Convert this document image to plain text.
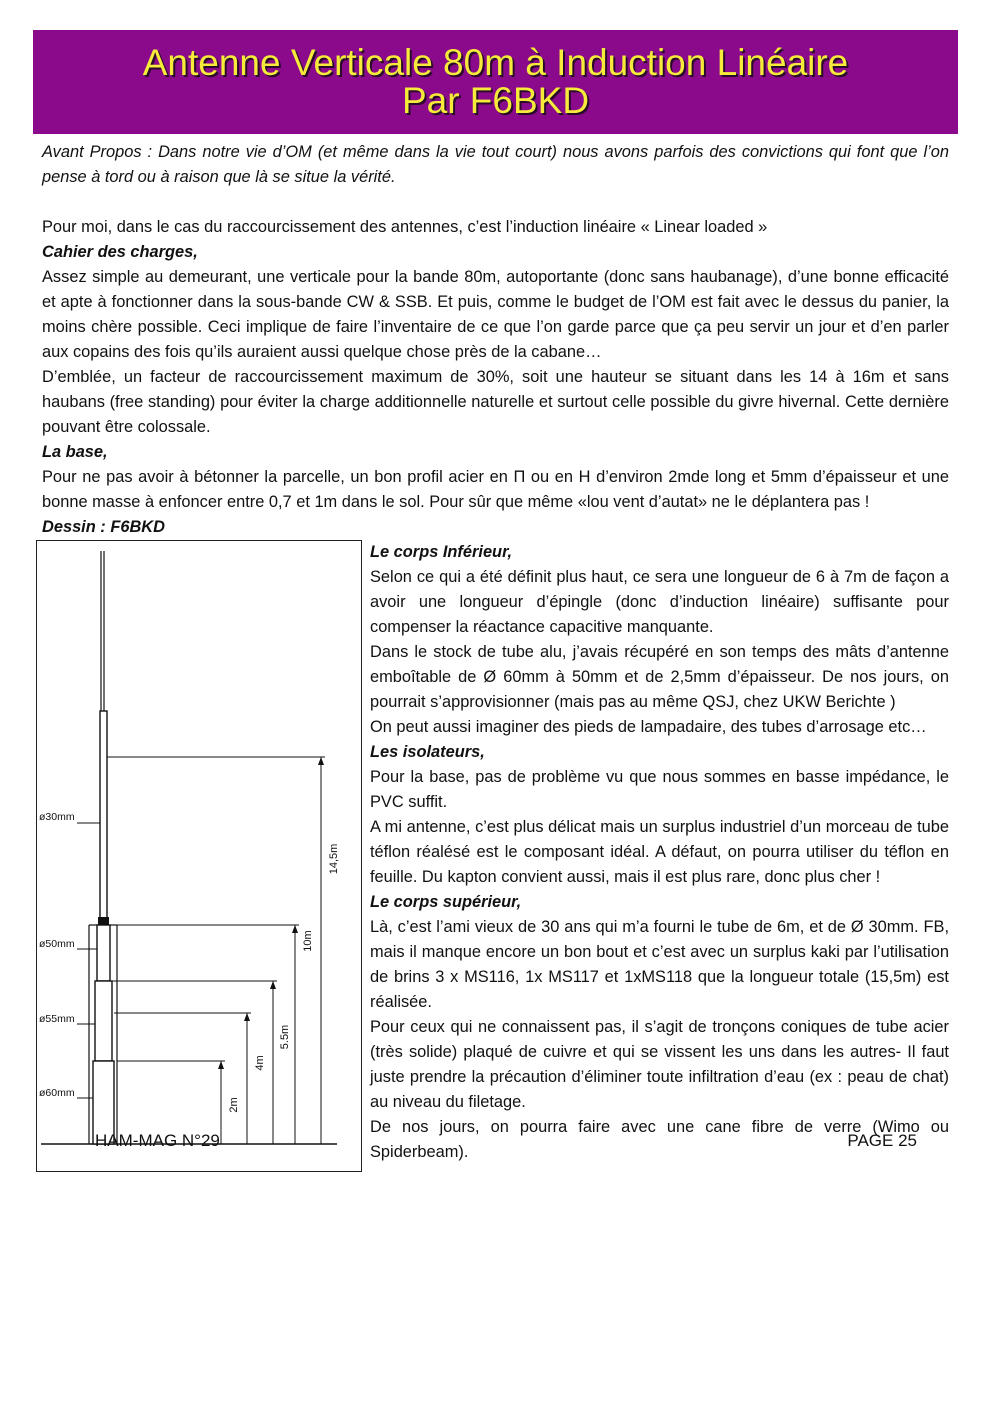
Antenne Verticale 80m à Induction Linéaire
Par F6BKD

Avant Propos : Dans notre vie d’OM (et même dans la vie tout court) nous avons parfois des convictions qui font que l’on pense à tord ou à raison que là se situe la vérité.

Pour moi, dans le cas du raccourcissement des antennes, c’est l’induction linéaire « Linear loaded »

Cahier des charges,

Assez simple au demeurant, une verticale pour la bande 80m, autoportante (donc sans haubanage), d’une bonne efficacité et apte à fonctionner dans la sous-bande CW & SSB. Et puis, comme le budget de l’OM est fait avec le dessus du panier, la moins chère possible. Ceci implique de faire l’inventaire de ce que l’on garde parce que ça peu servir un jour et d’en parler aux copains des fois qu’ils auraient aussi quelque chose près de la cabane…

D’emblée, un facteur de raccourcissement maximum de 30%, soit une hauteur se situant dans les 14 à 16m et sans haubans (free standing) pour éviter la charge additionnelle naturelle et surtout celle possible du givre hivernal. Cette dernière pouvant être colossale.

La base,

Pour ne pas avoir à bétonner la parcelle, un bon profil acier en Π ou en H d’environ 2mde long et 5mm d’épaisseur et une bonne masse à enfoncer entre 0,7 et 1m dans le sol. Pour sûr que même «lou vent d’autat» ne le déplantera pas !

Dessin : F6BKD

ø30mm
ø50mm
ø55mm
ø60mm
14,5m
10m
5.5m
4m
2m

Le corps Inférieur,

Selon ce qui a été définit plus haut, ce sera une longueur de 6 à 7m de façon a avoir une longueur d’épingle (donc d’induction linéaire) suffisante pour compenser la réactance capacitive manquante.

Dans le stock de tube alu, j’avais récupéré en son temps des mâts d’antenne emboîtable de Ø 60mm à 50mm et de 2,5mm d’épaisseur. De nos jours, on pourrait s’approvisionner (mais pas au même QSJ, chez UKW Berichte )

On peut aussi imaginer des pieds de lampadaire, des tubes d’arrosage etc…

Les isolateurs,

Pour la base, pas de problème vu que nous sommes en basse impédance, le PVC suffit.

A mi antenne, c’est plus délicat mais un surplus industriel d’un morceau de tube téflon réalésé est le composant idéal. A défaut, on pourra utiliser du téflon en feuille. Du kapton convient aussi, mais il est plus rare, donc plus cher !

Le corps supérieur,

Là, c’est l’ami vieux de 30 ans qui m’a fourni le tube de 6m, et de Ø 30mm. FB, mais il manque encore un bon bout et c’est avec un surplus kaki par l’utilisation de brins 3 x MS116, 1x MS117 et 1xMS118 que la longueur totale (15,5m) est réalisée.

Pour ceux qui ne connaissent pas, il s’agit de tronçons coniques de tube acier (très solide) plaqué de cuivre et qui se vissent les uns dans les autres- Il faut juste prendre la précaution d’éliminer toute infiltration d’eau (ex : peau de chat) au niveau du filetage.

De nos jours, on pourra faire avec une cane fibre de verre (Wimo ou Spiderbeam).

HAM-MAG N°29	PAGE 25
